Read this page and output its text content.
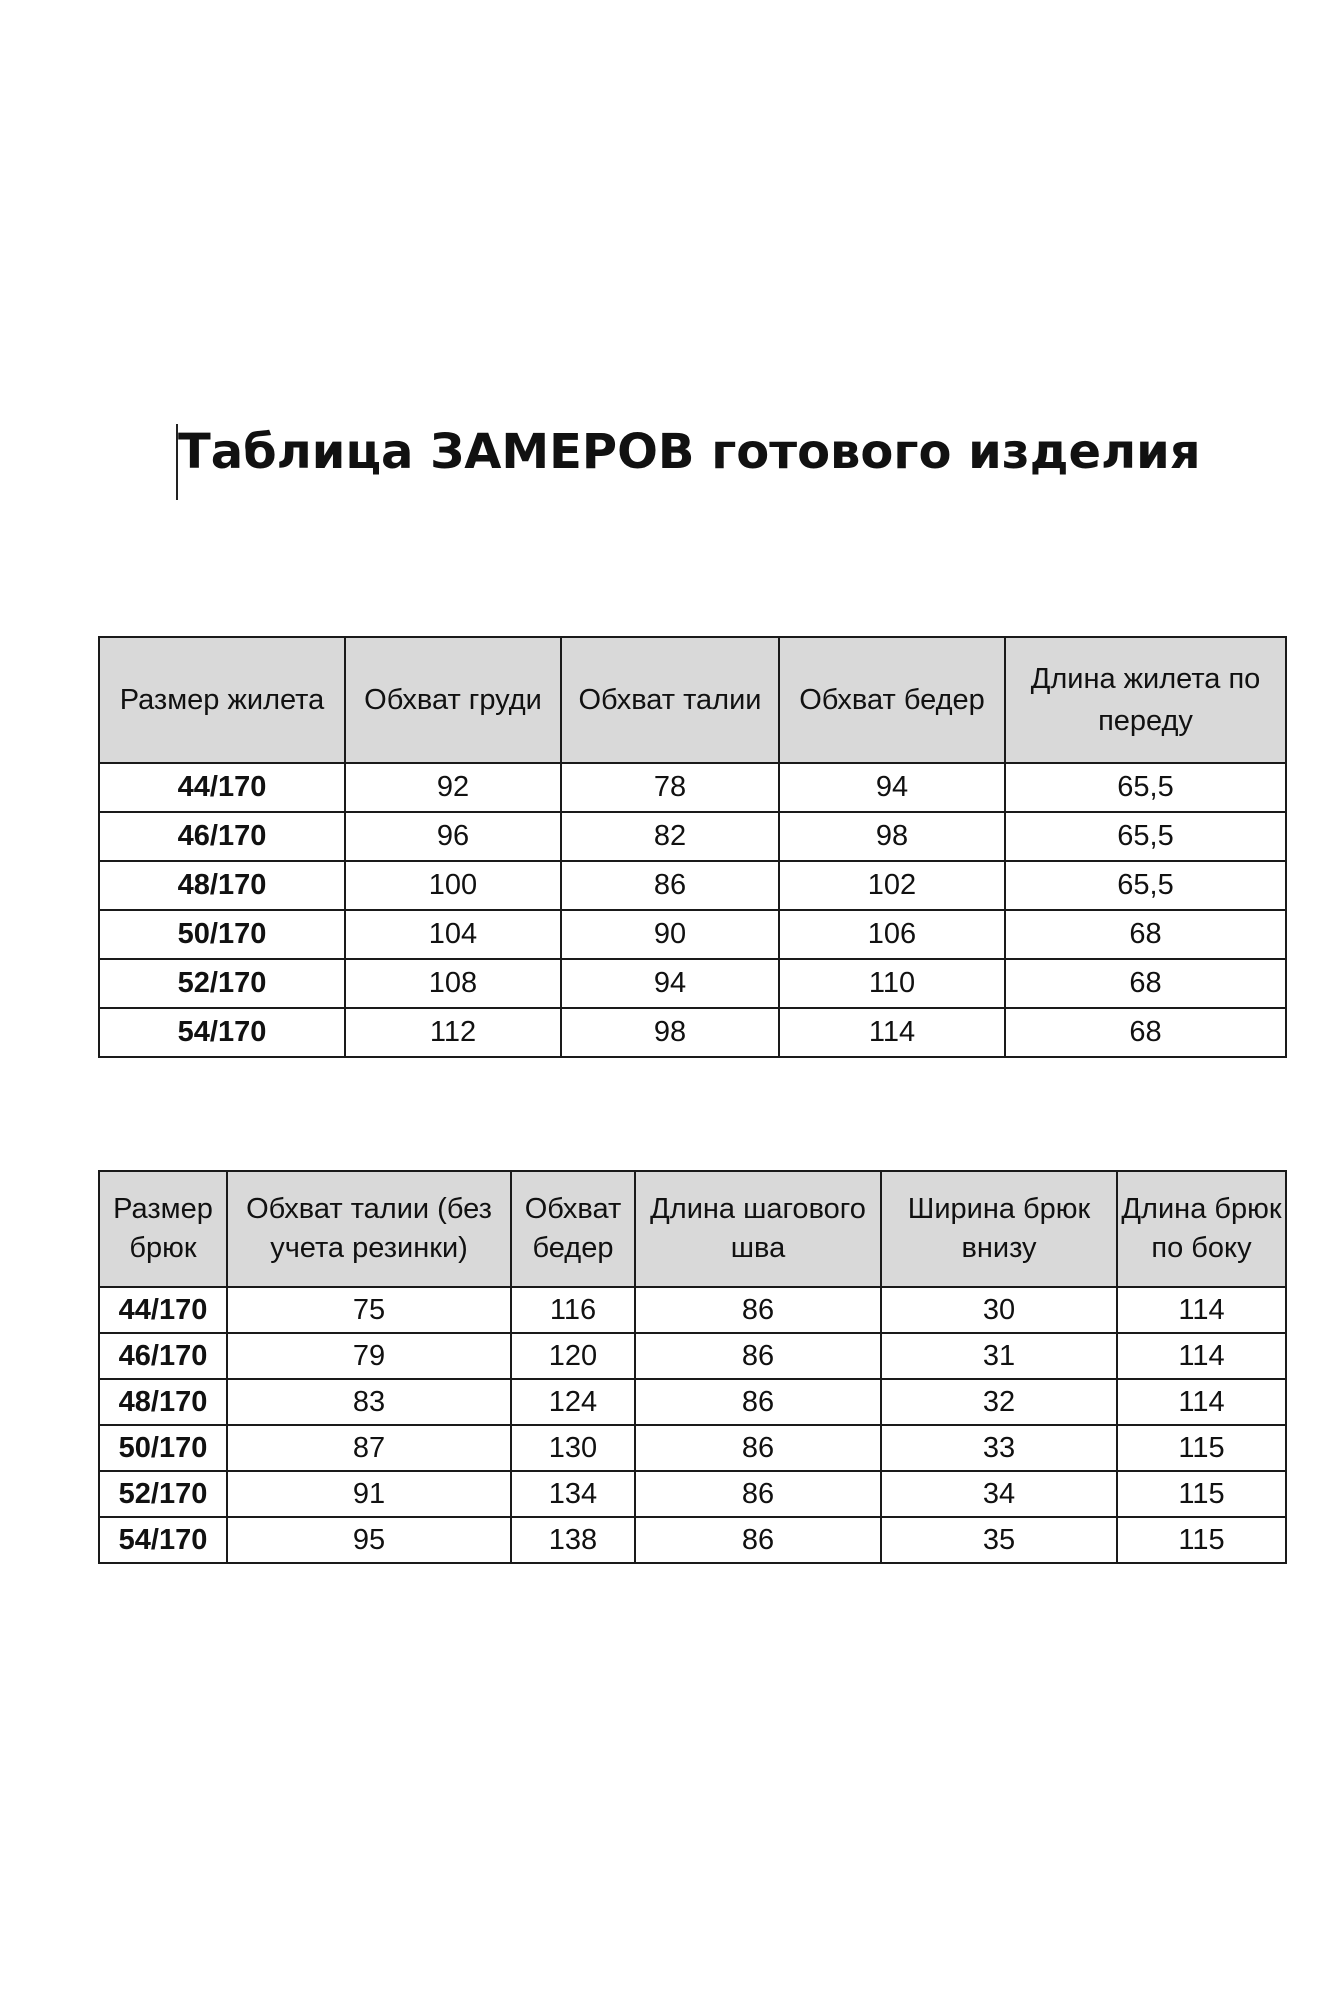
Таблица ЗАМЕРОВ готового изделия
Размер жилета	Обхват груди	Обхват талии	Обхват бедер	Длина жилета по переду
44/170	92	78	94	65,5
46/170	96	82	98	65,5
48/170	100	86	102	65,5
50/170	104	90	106	68
52/170	108	94	110	68
54/170	112	98	114	68
Размер брюк	Обхват талии (без учета резинки)	Обхват бедер	Длина шагового шва	Ширина брюк внизу	Длина брюк по боку
44/170	75	116	86	30	114
46/170	79	120	86	31	114
48/170	83	124	86	32	114
50/170	87	130	86	33	115
52/170	91	134	86	34	115
54/170	95	138	86	35	115
